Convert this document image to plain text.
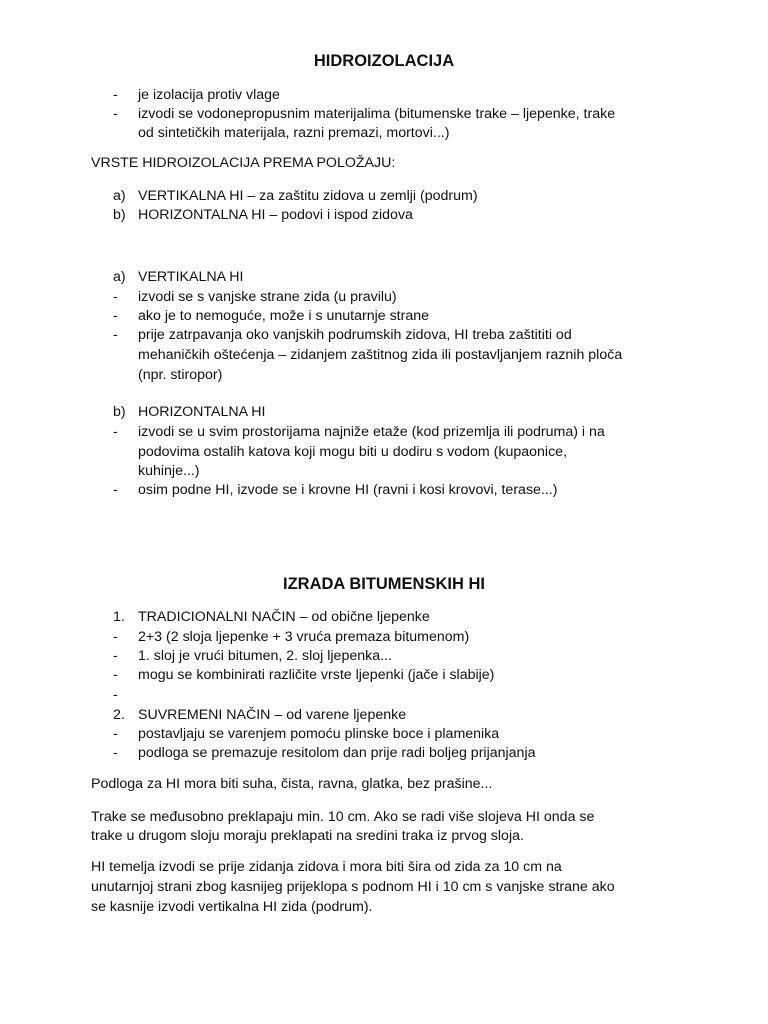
HIDROIZOLACIJA
-	je izolacija protiv vlage
-	izvodi se vodonepropusnim materijalima (bitumenske trake – ljepenke, trake
od sintetičkih materijala, razni premazi, mortovi...)
VRSTE HIDROIZOLACIJA PREMA POLOŽAJU:
a) VERTIKALNA HI – za zaštitu zidova u zemlji (podrum)
b) HORIZONTALNA HI – podovi i ispod zidova
a) VERTIKALNA HI
-	izvodi se s vanjske strane zida (u pravilu)
-	ako je to nemoguće, može i s unutarnje strane
-	prije zatrpavanja oko vanjskih podrumskih zidova, HI treba zaštititi od
mehaničkih oštećenja – zidanjem zaštitnog zida ili postavljanjem raznih ploča
(npr. stiropor)
b) HORIZONTALNA HI
-	izvodi se u svim prostorijama najniže etaže (kod prizemlja ili podruma) i na
podovima ostalih katova koji mogu biti u dodiru s vodom (kupaonice,
kuhinje...)
-	osim podne HI, izvode se i krovne HI (ravni i kosi krovovi, terase...)
IZRADA BITUMENSKIH HI
1. TRADICIONALNI NAČIN – od obične ljepenke
-	2+3 (2 sloja ljepenke + 3 vruća premaza bitumenom)
-	1. sloj je vrući bitumen, 2. sloj ljepenka...
-	mogu se kombinirati različite vrste ljepenki (jače i slabije)
-
2. SUVREMENI NAČIN – od varene ljepenke
-	postavljaju se varenjem pomoću plinske boce i plamenika
-	podloga se premazuje resitolom dan prije radi boljeg prijanjanja
Podloga za HI mora biti suha, čista, ravna, glatka, bez prašine...
Trake se međusobno preklapaju min. 10 cm. Ako se radi više slojeva HI onda se
trake u drugom sloju moraju preklapati na sredini traka iz prvog sloja.
HI temelja izvodi se prije zidanja zidova i mora biti šira od zida za 10 cm na
unutarnjoj strani zbog kasnijeg prijeklopa s podnom HI i 10 cm s vanjske strane ako
se kasnije izvodi vertikalna HI zida (podrum).
